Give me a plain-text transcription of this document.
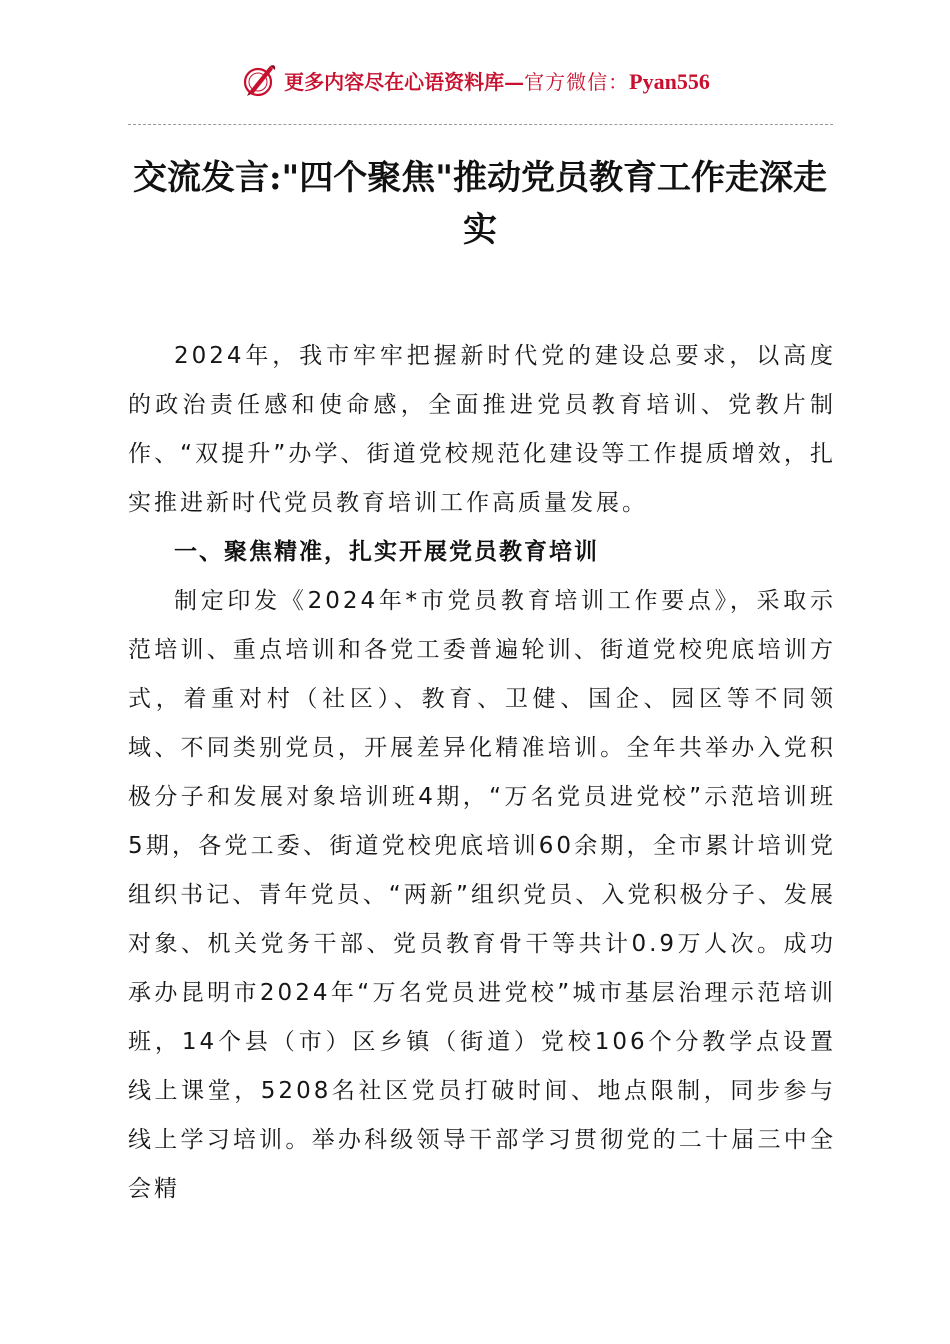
更多内容尽在心语资料库—官方微信：Pyan556
交流发言:"四个聚焦"推动党员教育工作走深走实

2024年，我市牢牢把握新时代党的建设总要求，以高度的政治责任感和使命感，全面推进党员教育培训、党教片制作、“双提升”办学、街道党校规范化建设等工作提质增效，扎实推进新时代党员教育培训工作高质量发展。

一、聚焦精准，扎实开展党员教育培训

制定印发《2024年*市党员教育培训工作要点》，采取示范培训、重点培训和各党工委普遍轮训、街道党校兜底培训方式，着重对村（社区）、教育、卫健、国企、园区等不同领域、不同类别党员，开展差异化精准培训。全年共举办入党积极分子和发展对象培训班4期，“万名党员进党校”示范培训班5期，各党工委、街道党校兜底培训60余期，全市累计培训党组织书记、青年党员、“两新”组织党员、入党积极分子、发展对象、机关党务干部、党员教育骨干等共计0.9万人次。成功承办昆明市2024年“万名党员进党校”城市基层治理示范培训班，14个县（市）区乡镇（街道）党校106个分教学点设置线上课堂，5208名社区党员打破时间、地点限制，同步参与线上学习培训。举办科级领导干部学习贯彻党的二十届三中全会精
